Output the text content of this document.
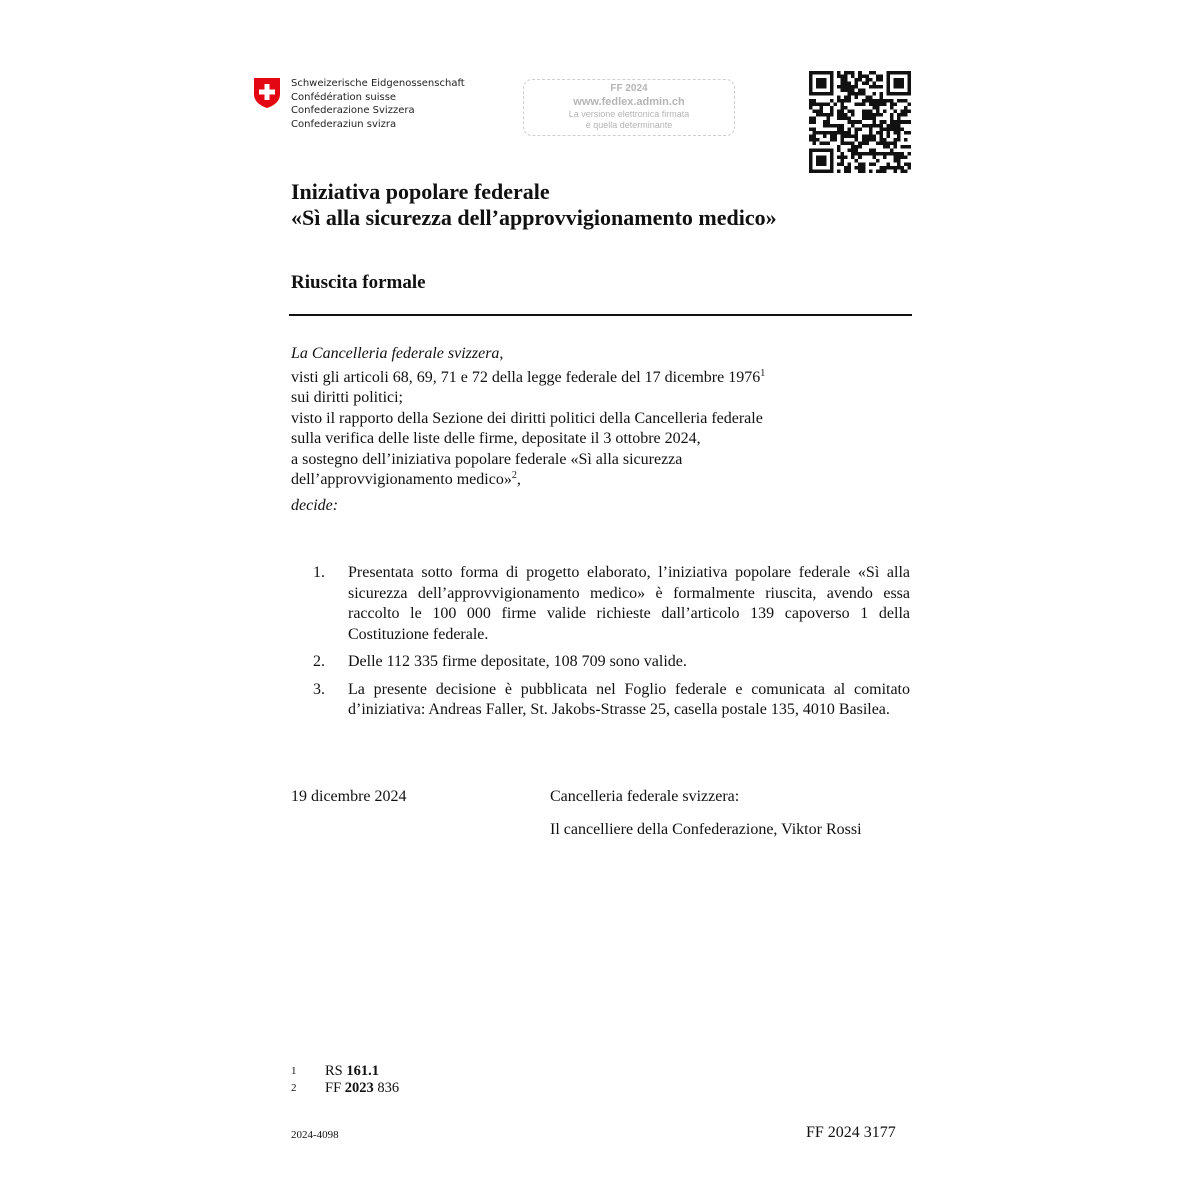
Schweizerische Eidgenossenschaft
Confédération suisse
Confederazione Svizzera
Confederaziun svizra
FF 2024
www.fedlex.admin.ch
La versione elettronica firmata
è quella determinante
Iniziativa popolare federale
«Sì alla sicurezza dell’approvvigionamento medico»
Riuscita formale
La Cancelleria federale svizzera,
visti gli articoli 68, 69, 71 e 72 della legge federale del 17 dicembre 1976$^1$
sui diritti politici;
visto il rapporto della Sezione dei diritti politici della Cancelleria federale
sulla verifica delle liste delle firme, depositate il 3 ottobre 2024,
a sostegno dell’iniziativa popolare federale «Sì alla sicurezza
dell’approvvigionamento medico»$^2$,
decide:
1.	Presentata sotto forma di progetto elaborato, l’iniziativa popolare federale «Sì alla sicurezza dell’approvvigionamento medico» è formalmente riuscita, avendo essa raccolto le 100 000 firme valide richieste dall’articolo 139 capoverso 1 della Costituzione federale.
2.	Delle 112 335 firme depositate, 108 709 sono valide.
3.	La presente decisione è pubblicata nel Foglio federale e comunicata al comitato d’iniziativa: Andreas Faller, St. Jakobs-Strasse 25, casella postale 135, 4010 Basilea.
19 dicembre 2024	Cancelleria federale svizzera:
Il cancelliere della Confederazione, Viktor Rossi
1	RS 161.1
2	FF 2023 836
2024-4098	FF 2024 3177
